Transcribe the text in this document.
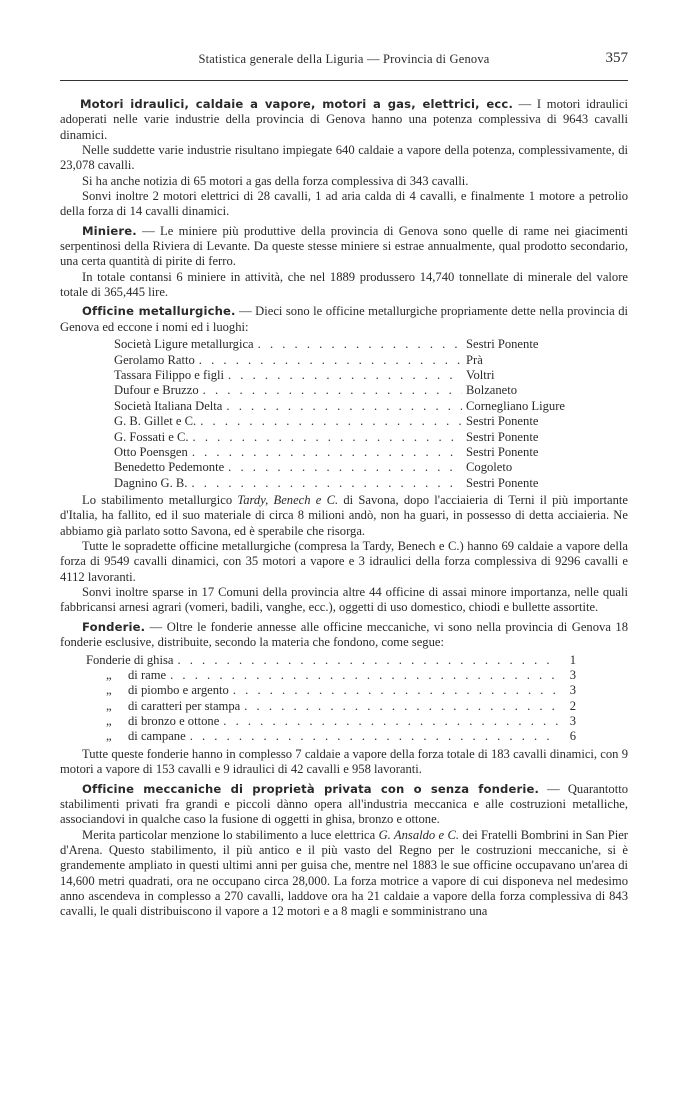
Statistica generale della Liguria — Provincia di Genova	357

Motori idraulici, caldaie a vapore, motori a gas, elettrici, ecc. — I motori idraulici adoperati nelle varie industrie della provincia di Genova hanno una potenza complessiva di 9643 cavalli dinamici.

Nelle suddette varie industrie risultano impiegate 640 caldaie a vapore della potenza, complessivamente, di 23,078 cavalli.

Si ha anche notizia di 65 motori a gas della forza complessiva di 343 cavalli.

Sonvi inoltre 2 motori elettrici di 28 cavalli, 1 ad aria calda di 4 cavalli, e finalmente 1 motore a petrolio della forza di 14 cavalli dinamici.

Miniere. — Le miniere più produttive della provincia di Genova sono quelle di rame nei giacimenti serpentinosi della Riviera di Levante. Da queste stesse miniere si estrae annualmente, qual prodotto secondario, una certa quantità di pirite di ferro.

In totale contansi 6 miniere in attività, che nel 1889 produssero 14,740 tonnellate di minerale del valore totale di 365,445 lire.

Officine metallurgiche. — Dieci sono le officine metallurgiche propriamente dette nella provincia di Genova ed eccone i nomi ed i luoghi:

Società Ligure metallurgica . . .	Sestri Ponente
Gerolamo Ratto . . .	Prà
Tassara Filippo e figli . . .	Voltri
Dufour e Bruzzo . . .	Bolzaneto
Società Italiana Delta . . .	Cornegliano Ligure
G. B. Gillet e C. . . .	Sestri Ponente
G. Fossati e C. . . .	Sestri Ponente
Otto Poensgen . . .	Sestri Ponente
Benedetto Pedemonte . . .	Cogoleto
Dagnino G. B. . . .	Sestri Ponente

Lo stabilimento metallurgico Tardy, Benech e C. di Savona, dopo l'acciaieria di Terni il più importante d'Italia, ha fallito, ed il suo materiale di circa 8 milioni andò, non ha guari, in possesso di detta acciaieria. Ne abbiamo già parlato sotto Savona, ed è sperabile che risorga.

Tutte le sopradette officine metallurgiche (compresa la Tardy, Benech e C.) hanno 69 caldaie a vapore della forza di 9549 cavalli dinamici, con 35 motori a vapore e 3 idraulici della forza complessiva di 9296 cavalli e 4112 lavoranti.

Sonvi inoltre sparse in 17 Comuni della provincia altre 44 officine di assai minore importanza, nelle quali fabbricansi arnesi agrari (vomeri, badili, vanghe, ecc.), oggetti di uso domestico, chiodi e bullette assortite.

Fonderie. — Oltre le fonderie annesse alle officine meccaniche, vi sono nella provincia di Genova 18 fonderie esclusive, distribuite, secondo la materia che fondono, come segue:

Fonderie di ghisa . . .	1
„ di rame . . .	3
„ di piombo e argento . . .	3
„ di caratteri per stampa . . .	2
„ di bronzo e ottone . . .	3
„ di campane . . .	6

Tutte queste fonderie hanno in complesso 7 caldaie a vapore della forza totale di 183 cavalli dinamici, con 9 motori a vapore di 153 cavalli e 9 idraulici di 42 cavalli e 958 lavoranti.

Officine meccaniche di proprietà privata con o senza fonderie. — Quarantotto stabilimenti privati fra grandi e piccoli dànno opera all'industria meccanica e alle costruzioni metalliche, associandovi in qualche caso la fusione di oggetti in ghisa, bronzo e ottone.

Merita particolar menzione lo stabilimento a luce elettrica G. Ansaldo e C. dei Fratelli Bombrini in San Pier d'Arena. Questo stabilimento, il più antico e il più vasto del Regno per le costruzioni meccaniche, si è grandemente ampliato in questi ultimi anni per guisa che, mentre nel 1883 le sue officine occupavano un'area di 14,600 metri quadrati, ora ne occupano circa 28,000. La forza motrice a vapore di cui disponeva nel medesimo anno ascendeva in complesso a 270 cavalli, laddove ora ha 21 caldaie a vapore della forza complessiva di 843 cavalli, le quali distribuiscono il vapore a 12 motori e a 8 magli e somministrano una
